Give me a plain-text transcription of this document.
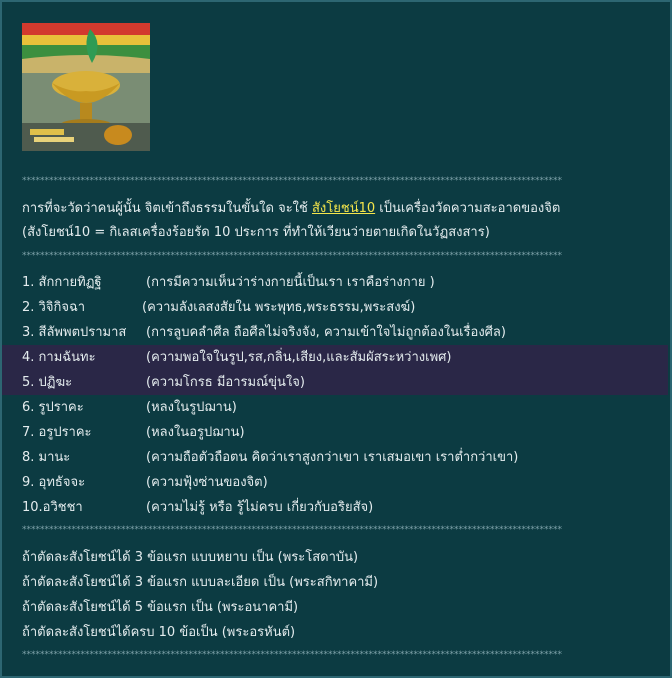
************************************************************************************************************************
การที่จะวัดว่าคนผู้นั้น จิตเข้าถึงธรรมในขั้นใด จะใช้ สังโยชน์10 เป็นเครื่องวัดความสะอาดของจิต
(สังโยชน์10 = กิเลสเครื่องร้อยรัด 10 ประการ ที่ทำให้เวียนว่ายตายเกิดในวัฏสงสาร)
************************************************************************************************************************
1. สักกายทิฏฐิ	(การมีความเห็นว่าร่างกายนี้เป็นเรา เราคือร่างกาย )
2. วิจิกิจฉา	(ความลังเลสงสัยใน พระพุทธ,พระธรรม,พระสงฆ์)
3. สีลัพพตปรามาส (การลูบคลำศีล ถือศีลไม่จริงจัง, ความเข้าใจไม่ถูกต้องในเรื่องศีล)
4. กามฉันทะ	(ความพอใจในรูป,รส,กลิ่น,เสียง,และสัมผัสระหว่างเพศ)
5. ปฏิฆะ	(ความโกรธ มีอารมณ์ขุ่นใจ)
6. รูปราคะ	(หลงในรูปฌาน)
7. อรูปราคะ	(หลงในอรูปฌาน)
8. มานะ	(ความถือตัวถือตน คิดว่าเราสูงกว่าเขา เราเสมอเขา เราต่ำกว่าเขา)
9. อุทธัจจะ	(ความฟุ้งซ่านของจิต)
10.อวิชชา	(ความไม่รู้ หรือ รู้ไม่ครบ เกี่ยวกับอริยสัจ)
************************************************************************************************************************
ถ้าตัดละสังโยชน์ได้ 3 ข้อแรก แบบหยาบ เป็น (พระโสดาบัน)
ถ้าตัดละสังโยชน์ได้ 3 ข้อแรก แบบละเอียด เป็น (พระสกิทาคามี)
ถ้าตัดละสังโยชน์ได้ 5 ข้อแรก เป็น (พระอนาคามี)
ถ้าตัดละสังโยชน์ได้ครบ 10 ข้อเป็น (พระอรหันต์)
************************************************************************************************************************
